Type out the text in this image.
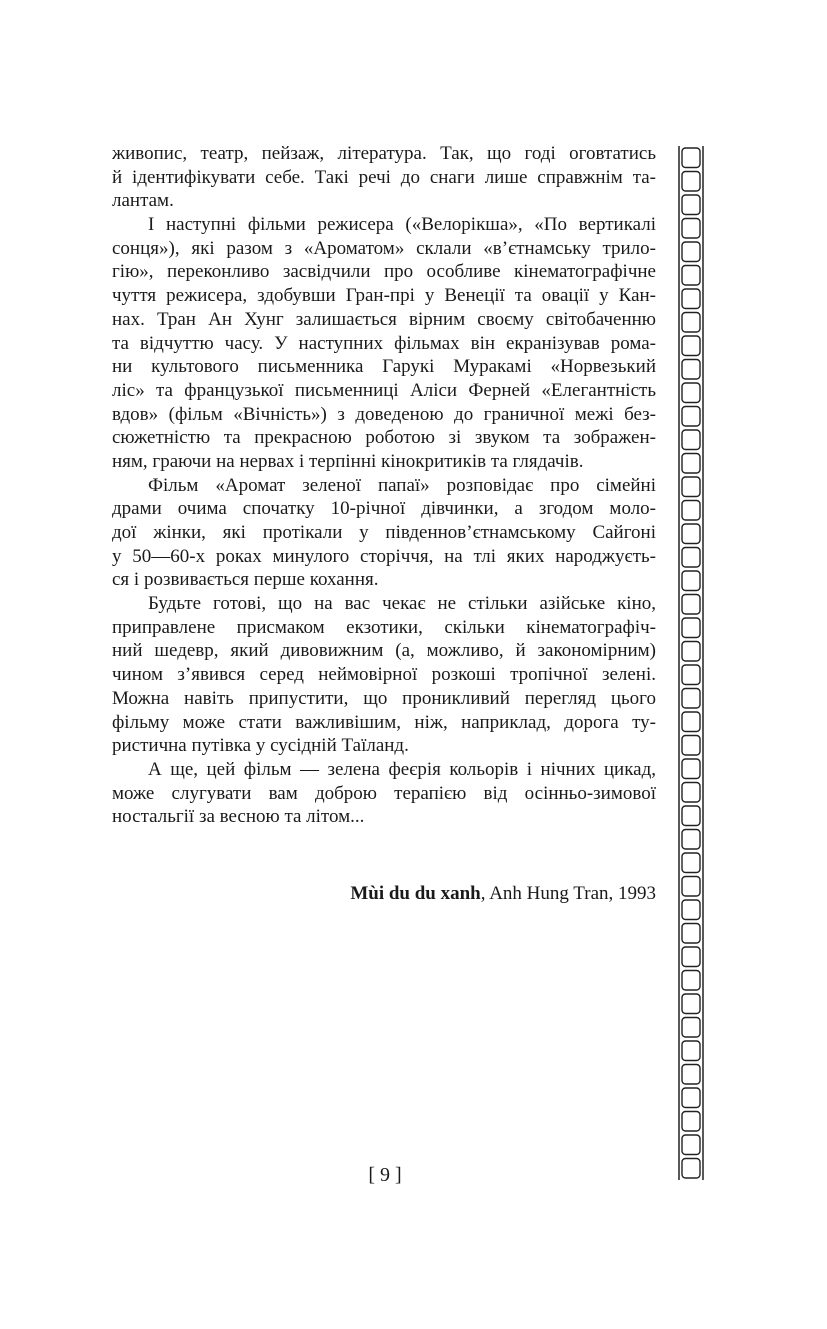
живопис, театр, пейзаж, література. Так, що годі оговтатись
й ідентифікувати себе. Такі речі до снаги лише справжнім та-
лантам.
І наступні фільми режисера («Велорікша», «По вертикалі
сонця»), які разом з «Ароматом» склали «в’єтнамську трило-
гію», переконливо засвідчили про особливе кінематографічне
чуття режисера, здобувши Гран-прі у Венеції та овації у Кан-
нах. Тран Ан Хунг залишається вірним своєму світобаченню
та відчуттю часу. У наступних фільмах він екранізував рома-
ни культового письменника Гарукі Муракамі «Норвезький
ліс» та французької письменниці Аліси Ферней «Елегантність
вдов» (фільм «Вічність») з доведеною до граничної межі без-
сюжетністю та прекрасною роботою зі звуком та зображен-
ням, граючи на нервах і терпінні кінокритиків та глядачів.
Фільм «Аромат зеленої папаї» розповідає про сімейні
драми очима спочатку 10-річної дівчинки, а згодом моло-
дої жінки, які протікали у південнов’єтнамському Сайгоні
у 50—60-х роках минулого сторіччя, на тлі яких народжуєть-
ся і розвивається перше кохання.
Будьте готові, що на вас чекає не стільки азійське кіно,
приправлене присмаком екзотики, скільки кінематографіч-
ний шедевр, який дивовижним (а, можливо, й закономірним)
чином з’явився серед неймовірної розкоші тропічної зелені.
Можна навіть припустити, що проникливий перегляд цього
фільму може стати важливішим, ніж, наприклад, дорога ту-
ристична путівка у сусідній Таїланд.
А ще, цей фільм — зелена феєрія кольорів і нічних цикад,
може слугувати вам доброю терапією від осінньо-зимової
ностальгії за весною та літом...
Mùi du du xanh, Anh Hung Tran, 1993
[ 9 ]
